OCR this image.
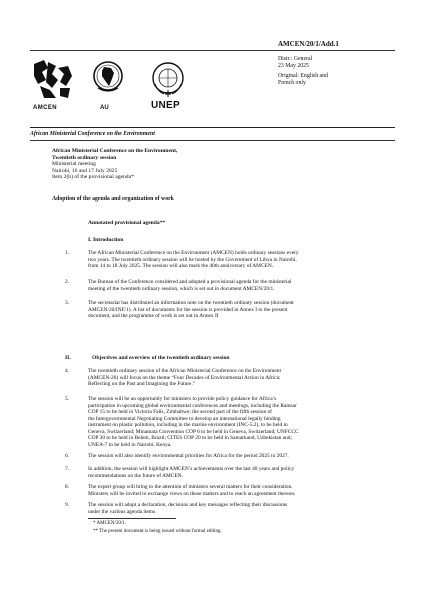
AMCEN	AU	UNEP
AMCEN/20/1/Add.1
Distr.: General
23 May 2025
Original: English and
French only
African Ministerial Conference on the Environment
African Ministerial Conference on the Environment,
Twentieth ordinary session
Ministerial meeting
Nairobi, 16 and 17 July 2025
Item 2(b) of the provisional agenda*
Adoption of the agenda and organization of work
Annotated provisional agenda**
I. Introduction
1.	The African Ministerial Conference on the Environment (AMCEN) holds ordinary sessions every
two years. The twentieth ordinary session will be hosted by the Government of Libya in Nairobi,
from 14 to 18 July 2025. The session will also mark the 40th anniversary of AMCEN.
2.	The Bureau of the Conference considered and adopted a provisional agenda for the ministerial
meeting of the twentieth ordinary session, which is set out in document AMCEN/20/1.
3.	The secretariat has distributed an information note on the twentieth ordinary session (document
AMCEN/20/INF/1). A list of documents for the session is provided in Annex I to the present
document, and the programme of work is set out in Annex II
II.	Objectives and overview of the twentieth ordinary session
4.	The twentieth ordinary session of the African Ministerial Conference on the Environment
(AMCEN-20) will focus on the theme “Four Decades of Environmental Action in Africa:
Reflecting on the Past and Imagining the Future.”
5.	The session will be an opportunity for ministers to provide policy guidance for Africa’s
participation in upcoming global environmental conferences and meetings, including the Ramsar
COP 15 to be held in Victoria Falls, Zimbabwe; the second part of the fifth session of
the Intergovernmental Negotiating Committee to develop an international legally binding
instrument on plastic pollution, including in the marine environment (INC-5.2), to be held in
Geneva, Switzerland; Minamata Convention COP 6 to be held in Geneva, Switzerland; UNFCCC
COP 30 to be held in Belem, Brazil; CITES COP 20 to be held in Samarkand, Uzbekistan and;
UNEA-7 to be held in Nairobi, Kenya.
6.	The session will also identify environmental priorities for Africa for the period 2025 to 2027.
7.	In addition, the session will highlight AMCEN’s achievements over the last 40 years and policy
recommendations on the future of AMCEN.
8.	The expert group will bring to the attention of ministers several matters for their consideration.
Ministers will be invited to exchange views on those matters and to reach an agreement thereon.
9.	The session will adopt a declaration, decisions and key messages reflecting their discussions
under the various agenda items
* AMCEN/20/1.
** The present document is being issued without formal editing.
